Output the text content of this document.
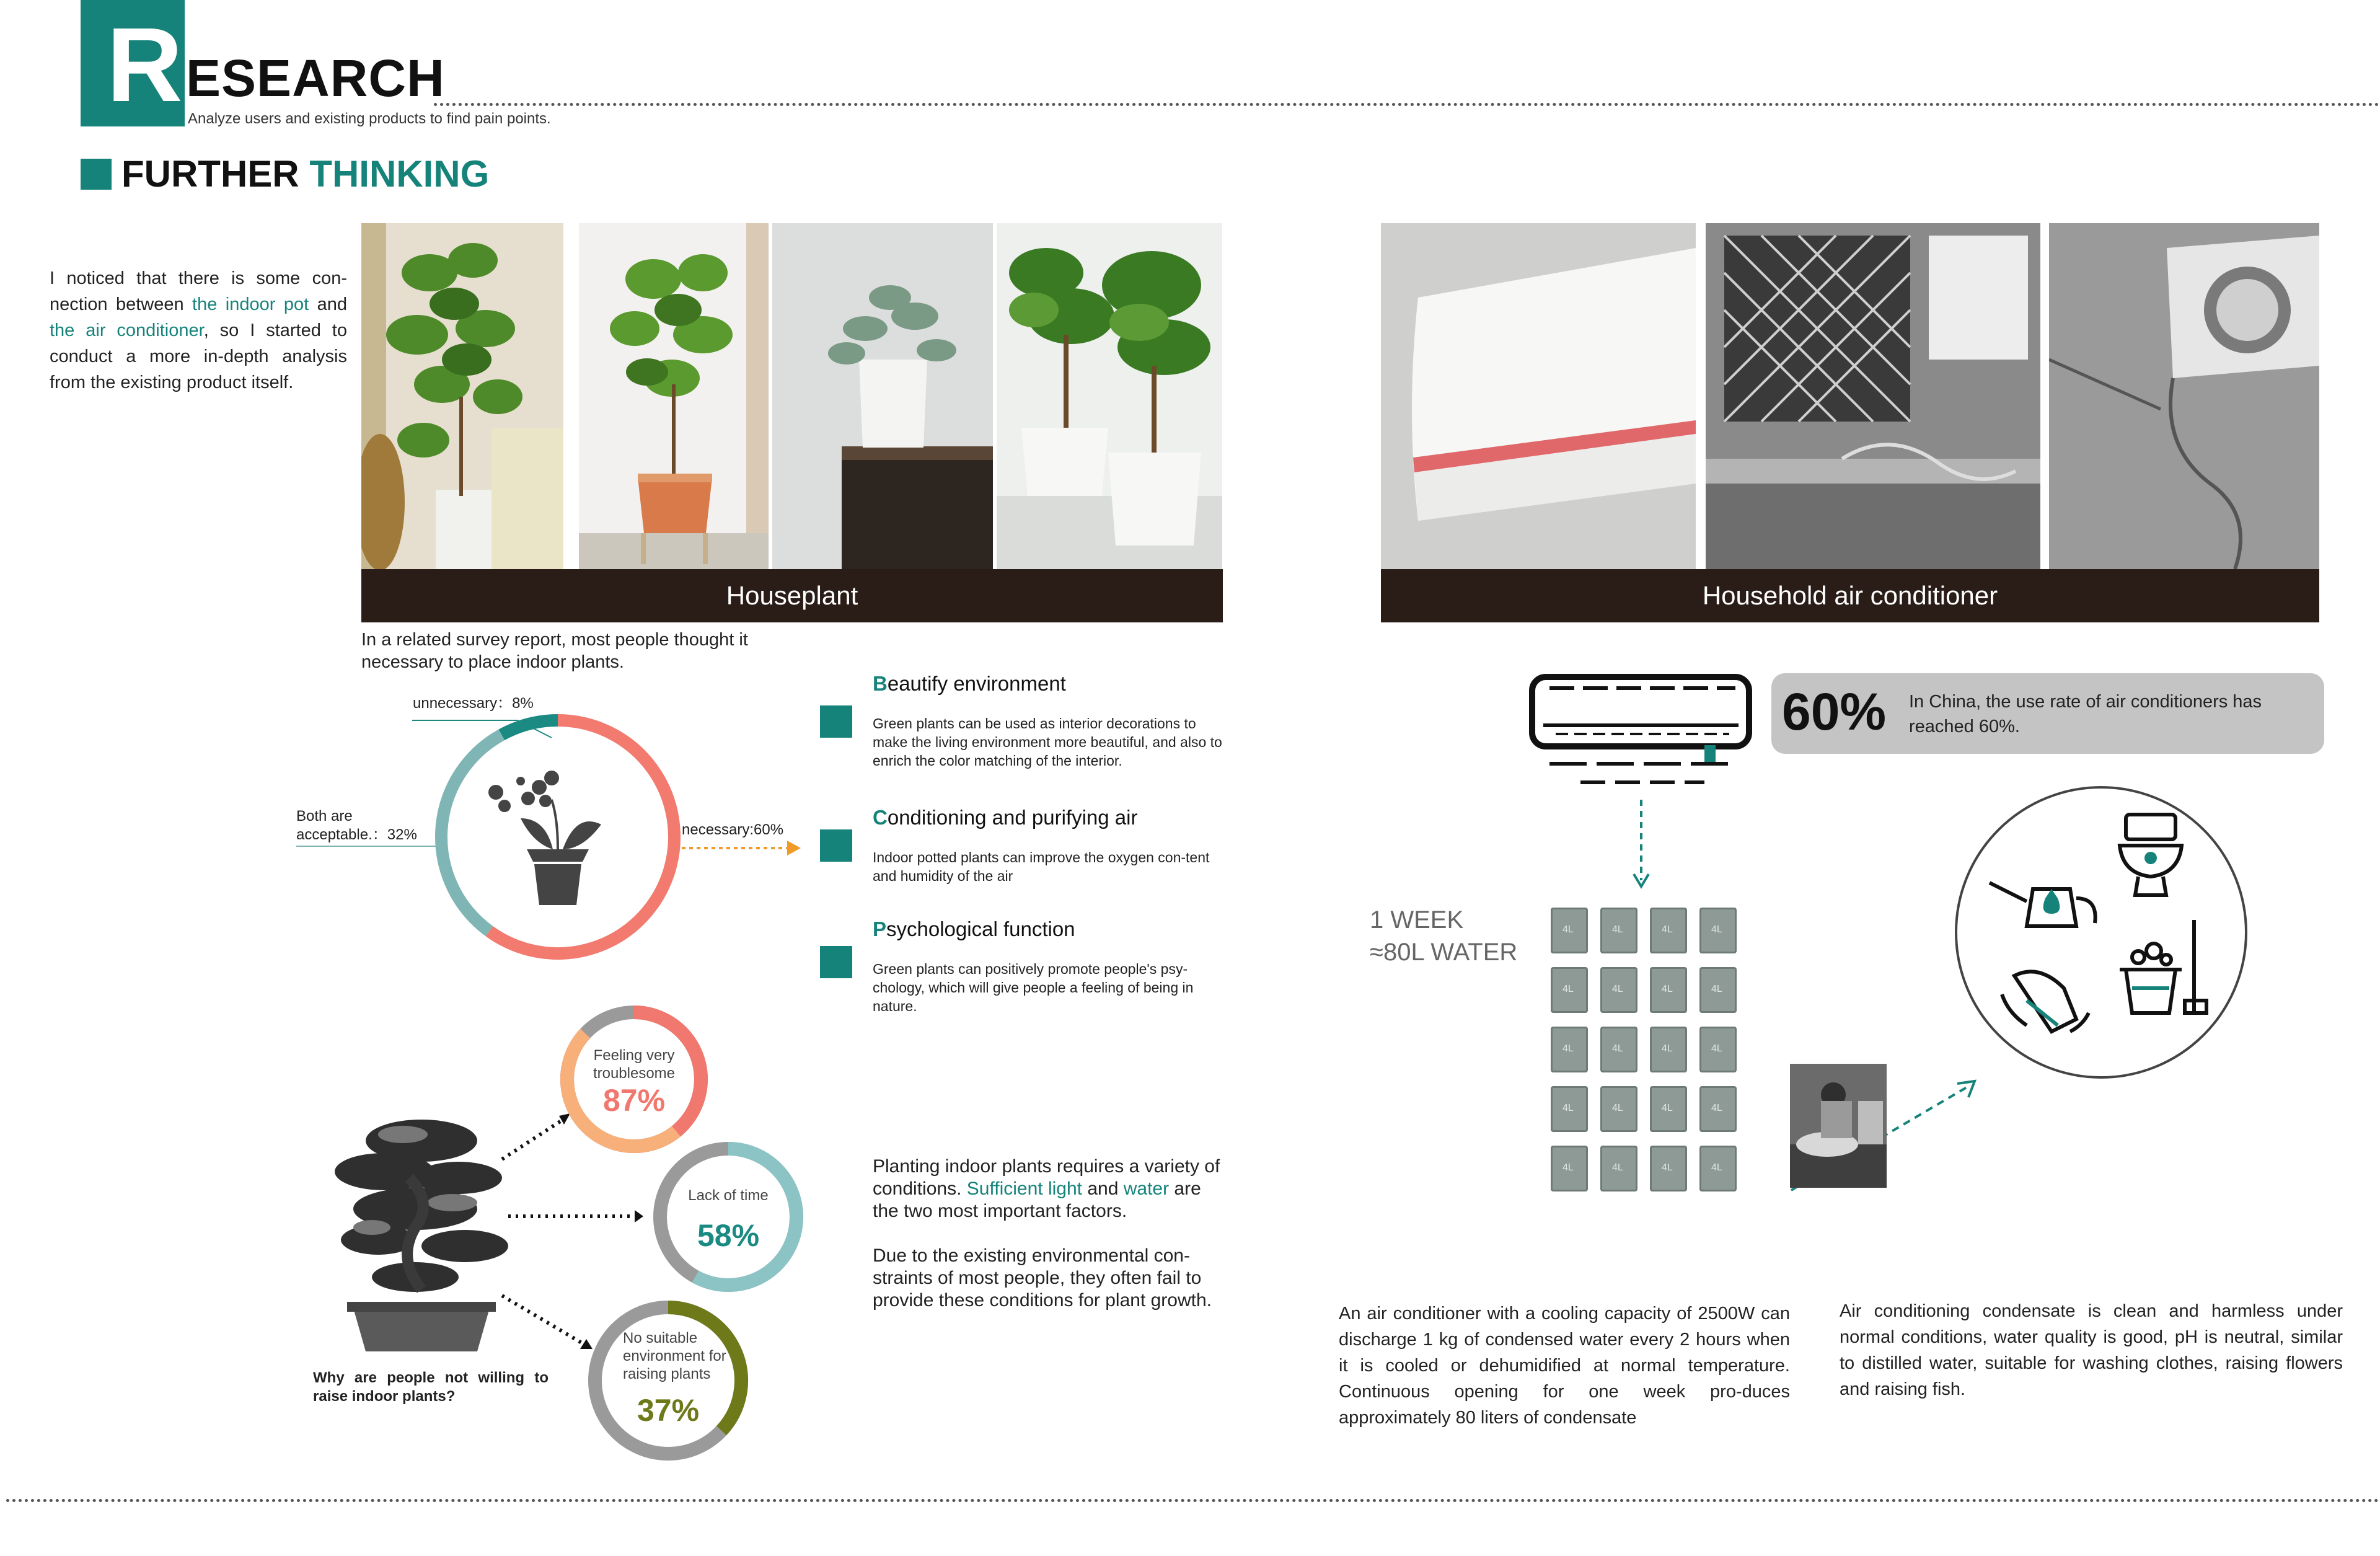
R ESEARCH
Analyze users and existing products to find pain points.
FURTHER THINKING
I noticed that there is some con-nection between the indoor pot and the air conditioner, so I started to conduct a more in-depth analysis from the existing product itself.
Houseplant	Household air conditioner
In a related survey report, most people thought it necessary to place indoor plants.
unnecessary：8%
Both are
acceptable.：32%	necessary:60%
Beautify environment
Green plants can be used as interior decorations to make the living environment more beautiful, and also to enrich the color matching of the interior.
Conditioning and purifying air
Indoor potted plants can improve the oxygen con-tent and humidity of the air
Psychological function
Green plants can positively promote people's psy-chology, which will give people a feeling of being in nature.
Why are people not willing to raise indoor plants?
Feeling very
troublesome
87%
Lack of time
58%
No suitable
environment for
raising plants
37%

Planting indoor plants requires a variety of conditions. Sufficient light and water are the two most important factors.

Due to the existing environmental con-straints of most people, they often fail to provide these conditions for plant growth.

60% In China, the use rate of air conditioners has reached 60%.
1 WEEK
≈80L WATER
4L	4L	4L	4L
4L	4L	4L	4L
4L	4L	4L	4L
4L	4L	4L	4L
4L	4L	4L	4L
An air conditioner with a cooling capacity of 2500W can discharge 1 kg of condensed water every 2 hours when it is cooled or dehumidified at normal temperature. Continuous opening for one week pro-duces approximately 80 liters of condensate
Air conditioning condensate is clean and harmless under normal conditions, water quality is good, pH is neutral, similar to distilled water, suitable for washing clothes, raising flowers and raising fish.
